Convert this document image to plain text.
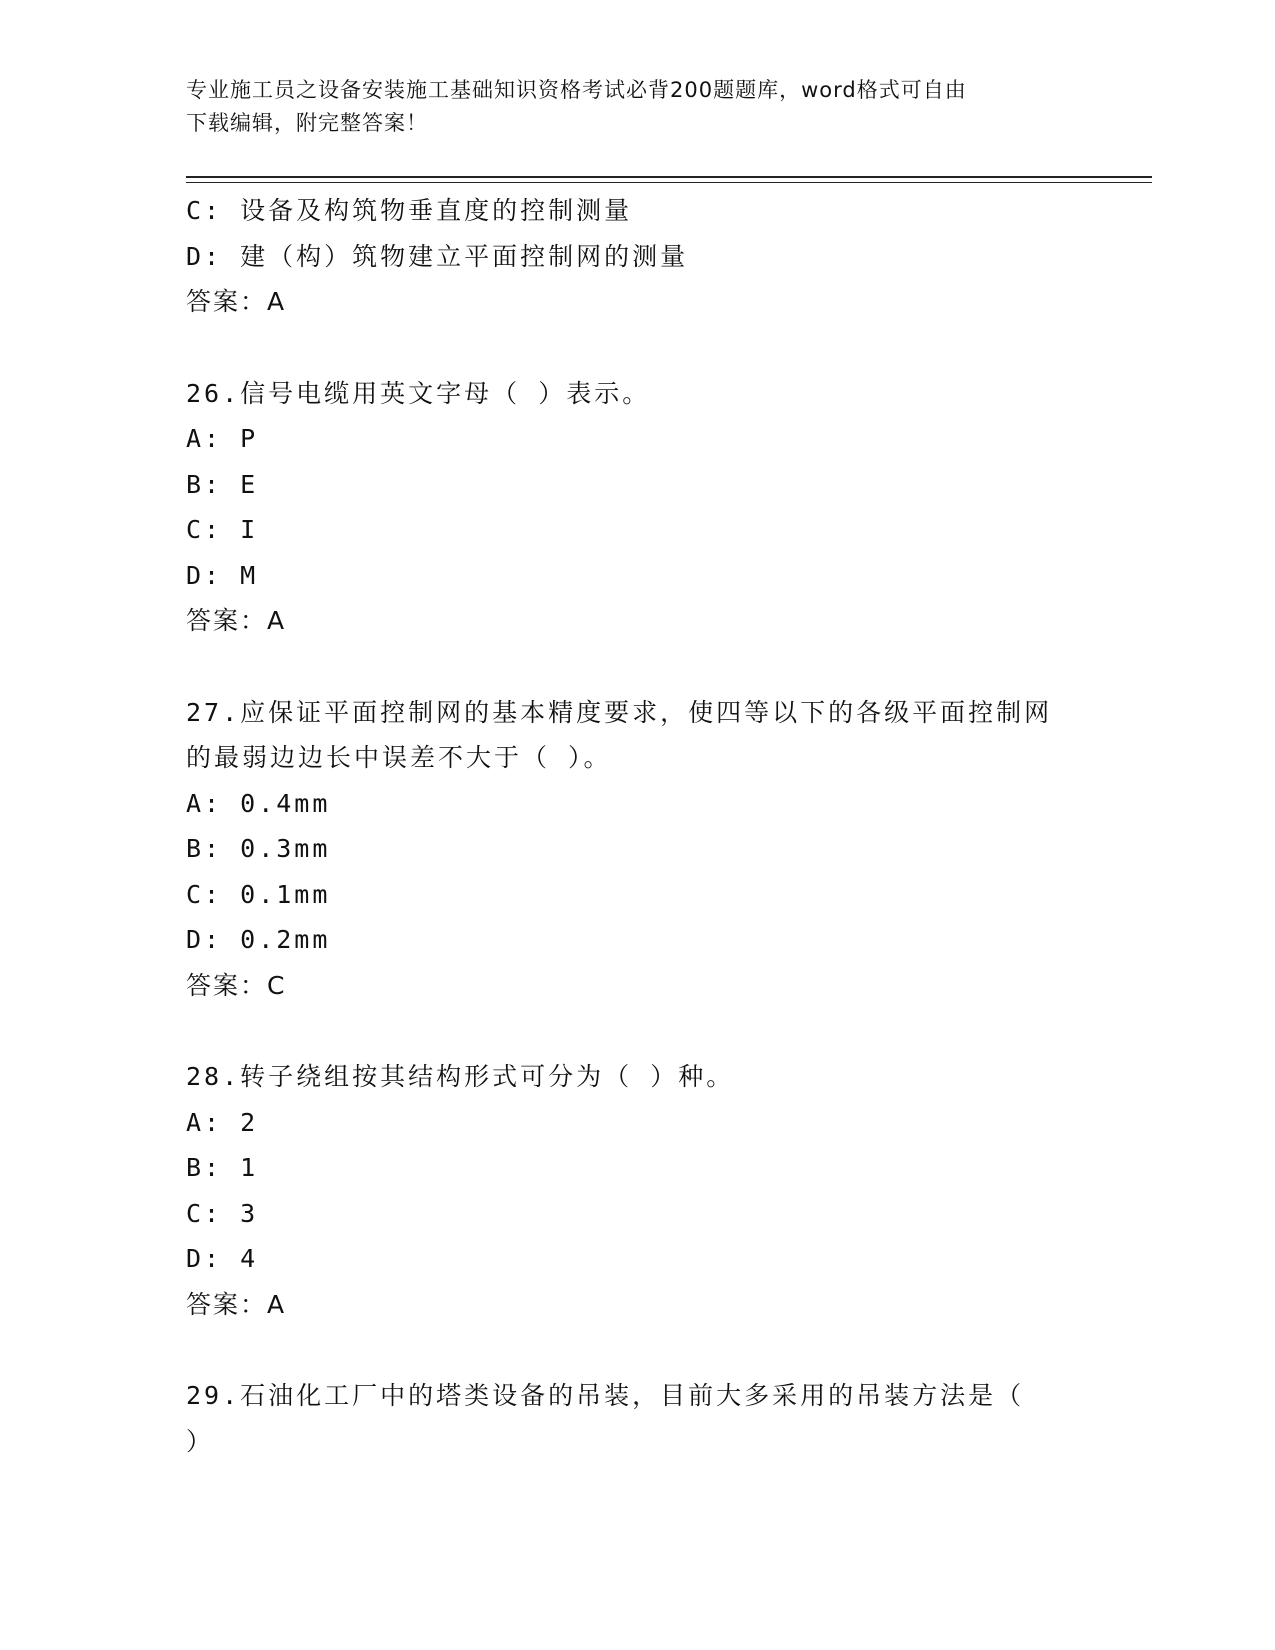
专业施工员之设备安装施工基础知识资格考试必背200题题库，word格式可自由
下载编辑，附完整答案！
C: 设备及构筑物垂直度的控制测量
D: 建（构）筑物建立平面控制网的测量
答案：A
26.信号电缆用英文字母（ ）表示。
A: P
B: E
C: I
D: M
答案：A
27.应保证平面控制网的基本精度要求，使四等以下的各级平面控制网
的最弱边边长中误差不大于（ ）。
A: 0.4mm
B: 0.3mm
C: 0.1mm
D: 0.2mm
答案：C
28.转子绕组按其结构形式可分为（ ）种。
A: 2
B: 1
C: 3
D: 4
答案：A
29.石油化工厂中的塔类设备的吊装，目前大多采用的吊装方法是（
）
